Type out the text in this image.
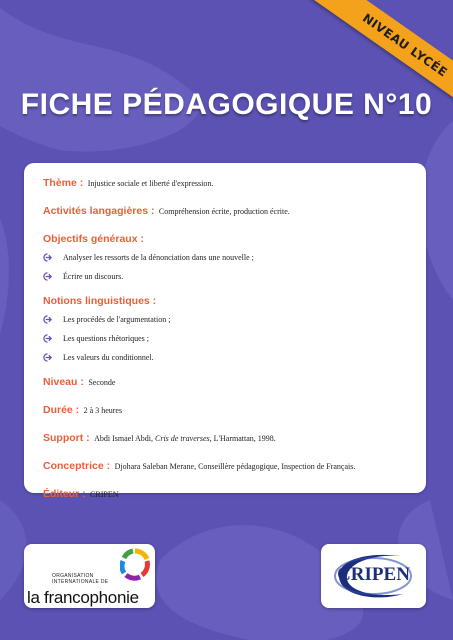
NIVEAU LYCÉE
FICHE PÉDAGOGIQUE N°10
Thème : Injustice sociale et liberté d'expression.
Activités langagières : Compréhension écrite, production écrite.
Objectifs généraux :
Analyser les ressorts de la dénonciation dans une nouvelle ;
Écrire un discours.
Notions linguistiques :
Les procédés de l'argumentation ;
Les questions rhétoriques ;
Les valeurs du conditionnel.
Niveau : Seconde
Durée : 2 à 3 heures
Support : Abdi Ismael Abdi, Cris de traverses, L'Harmattan, 1998.
Conceptrice : Djohara Saleban Merane, Conseillère pédagogique, Inspection de Français.
Éditeur : CRIPEN
ORGANISATION
INTERNATIONALE DE
la francophonie
CRIPEN
